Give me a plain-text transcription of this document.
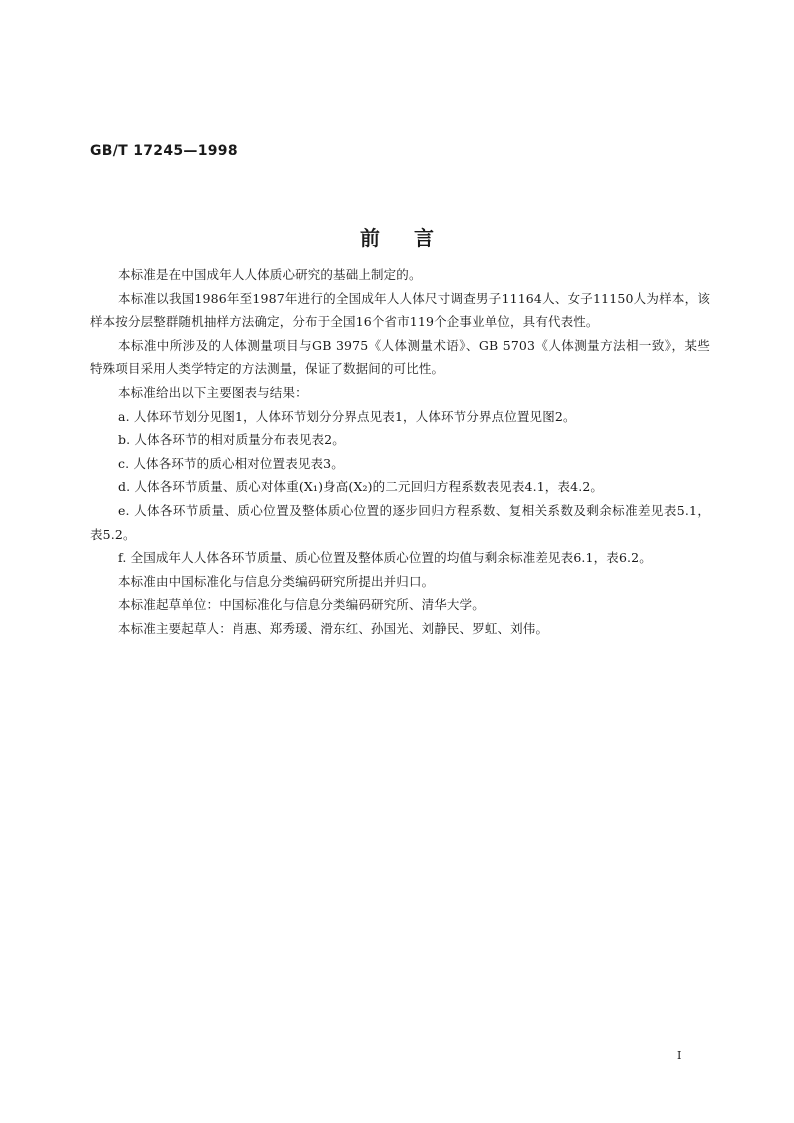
GB/T 17245—1998
前言

本标准是在中国成年人人体质心研究的基础上制定的。

本标准以我国1986年至1987年进行的全国成年人人体尺寸调查男子11164人、女子11150人为样本，该样本按分层整群随机抽样方法确定，分布于全国16个省市119个企事业单位，具有代表性。

本标准中所涉及的人体测量项目与GB 3975《人体测量术语》、GB 5703《人体测量方法相一致》，某些特殊项目采用人类学特定的方法测量，保证了数据间的可比性。

本标准给出以下主要图表与结果：

a. 人体环节划分见图1，人体环节划分分界点见表1，人体环节分界点位置见图2。

b. 人体各环节的相对质量分布表见表2。

c. 人体各环节的质心相对位置表见表3。

d. 人体各环节质量、质心对体重(X₁)身高(X₂)的二元回归方程系数表见表4.1，表4.2。

e. 人体各环节质量、质心位置及整体质心位置的逐步回归方程系数、复相关系数及剩余标准差见表5.1，表5.2。

f. 全国成年人人体各环节质量、质心位置及整体质心位置的均值与剩余标准差见表6.1，表6.2。

本标准由中国标准化与信息分类编码研究所提出并归口。

本标准起草单位：中国标准化与信息分类编码研究所、清华大学。

本标准主要起草人：肖惠、郑秀瑗、滑东红、孙国光、刘静民、罗虹、刘伟。

I
